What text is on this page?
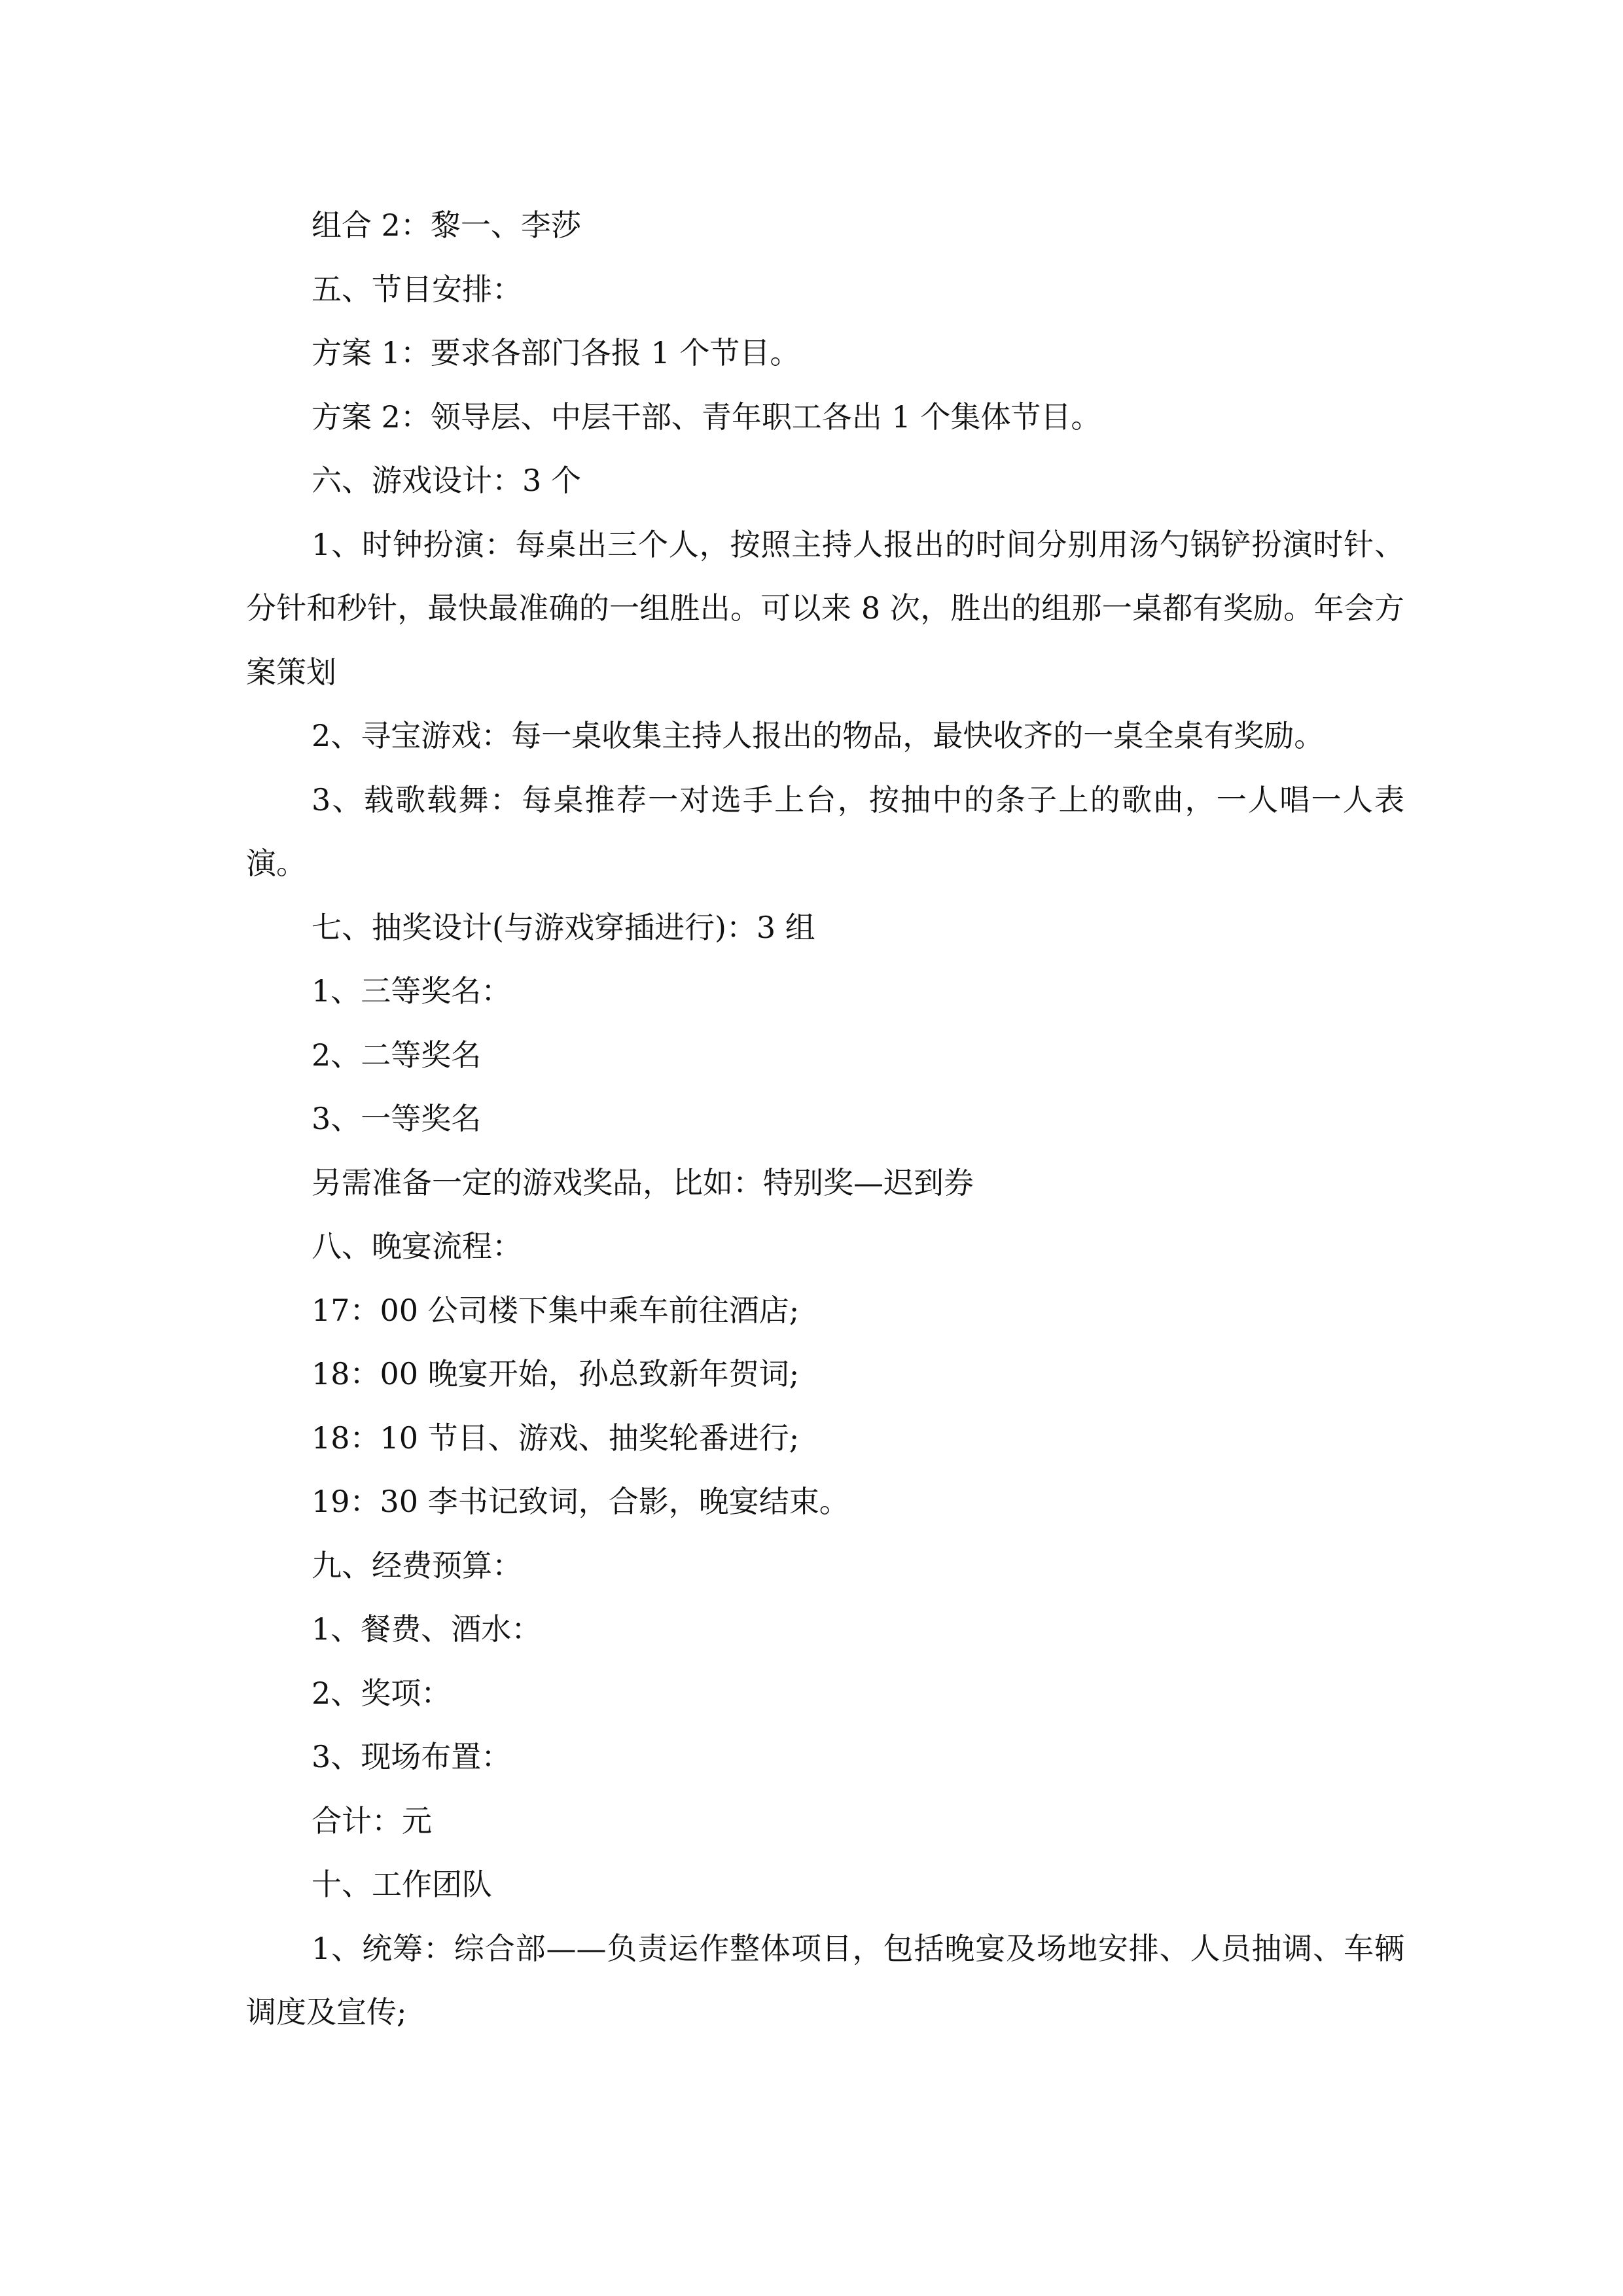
组合 2：黎一、李莎

五、节目安排：

方案 1：要求各部门各报 1 个节目。

方案 2：领导层、中层干部、青年职工各出 1 个集体节目。

六、游戏设计：3 个

1、时钟扮演：每桌出三个人，按照主持人报出的时间分别用汤勺锅铲扮演时针、分针和秒针，最快最准确的一组胜出。可以来 8 次，胜出的组那一桌都有奖励。年会方案策划

2、寻宝游戏：每一桌收集主持人报出的物品，最快收齐的一桌全桌有奖励。

3、载歌载舞：每桌推荐一对选手上台，按抽中的条子上的歌曲，一人唱一人表演。

七、抽奖设计(与游戏穿插进行)：3 组

1、三等奖名：

2、二等奖名

3、一等奖名

另需准备一定的游戏奖品，比如：特别奖—迟到券

八、晚宴流程：

17：00 公司楼下集中乘车前往酒店;

18：00 晚宴开始，孙总致新年贺词;

18：10 节目、游戏、抽奖轮番进行;

19：30 李书记致词，合影，晚宴结束。

九、经费预算：

1、餐费、酒水：

2、奖项：

3、现场布置：

合计：元

十、工作团队

1、统筹：综合部——负责运作整体项目，包括晚宴及场地安排、人员抽调、车辆调度及宣传;
